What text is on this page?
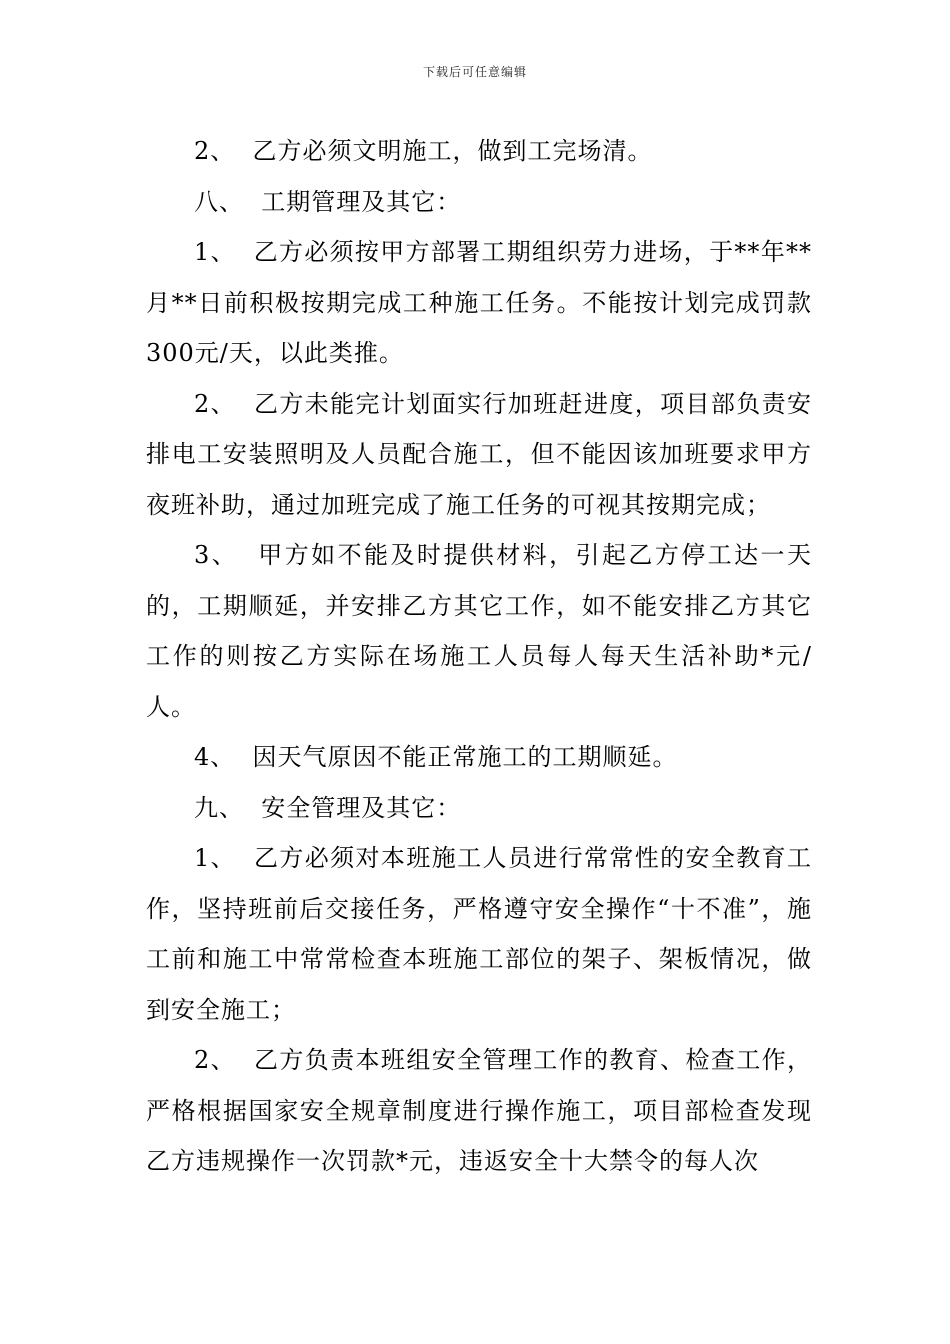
下载后可任意编辑

2、  乙方必须文明施工，做到工完场清。

八、  工期管理及其它：

1、  乙方必须按甲方部署工期组织劳力进场，于**年**月**日前积极按期完成工种施工任务。不能按计划完成罚款300元/天，以此类推。

2、  乙方未能完计划面实行加班赶进度，项目部负责安排电工安装照明及人员配合施工，但不能因该加班要求甲方夜班补助，通过加班完成了施工任务的可视其按期完成；

3、  甲方如不能及时提供材料，引起乙方停工达一天的，工期顺延，并安排乙方其它工作，如不能安排乙方其它工作的则按乙方实际在场施工人员每人每天生活补助*元/人。

4、  因天气原因不能正常施工的工期顺延。

九、  安全管理及其它：

1、  乙方必须对本班施工人员进行常常性的安全教育工作，坚持班前后交接任务，严格遵守安全操作“十不准”，施工前和施工中常常检查本班施工部位的架子、架板情况，做到安全施工；

2、  乙方负责本班组安全管理工作的教育、检查工作，严格根据国家安全规章制度进行操作施工，项目部检查发现乙方违规操作一次罚款*元，违返安全十大禁令的每人次
